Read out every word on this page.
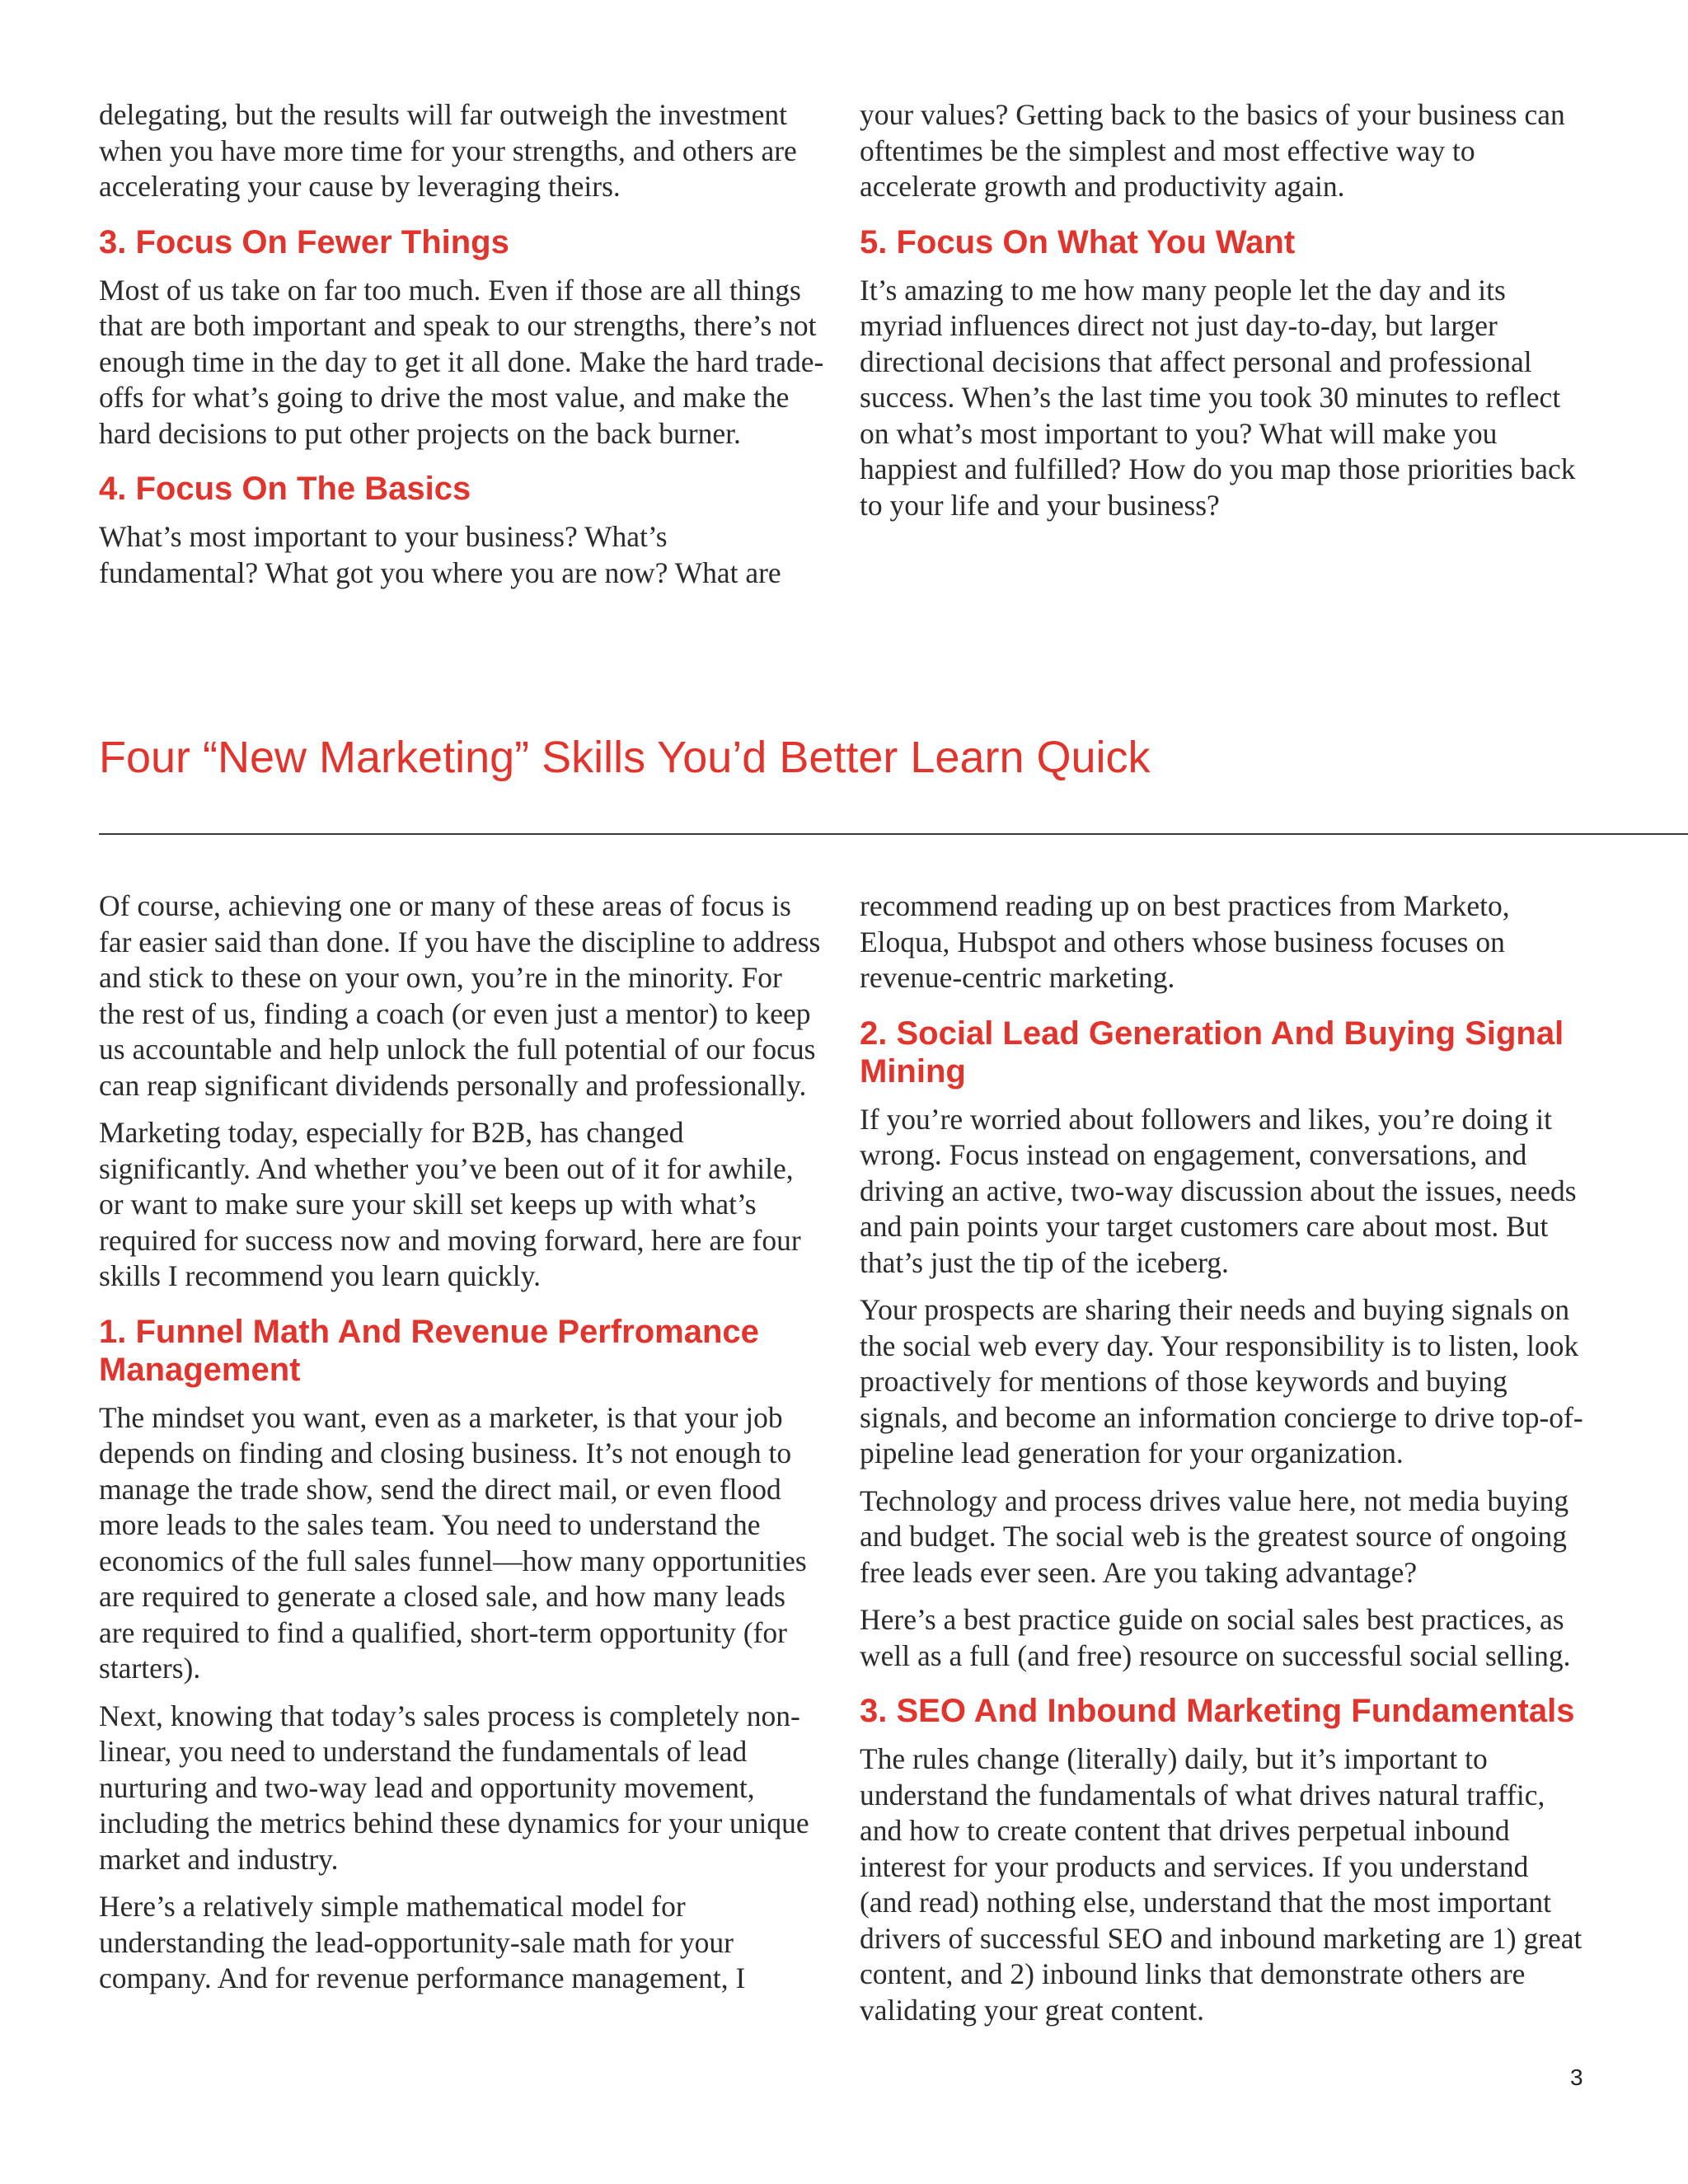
delegating, but the results will far outweigh the investment when you have more time for your strengths, and others are accelerating your cause by leveraging theirs.

3. Focus On Fewer Things

Most of us take on far too much. Even if those are all things that are both important and speak to our strengths, there’s not enough time in the day to get it all done. Make the hard trade-offs for what’s going to drive the most value, and make the hard decisions to put other projects on the back burner.

4. Focus On The Basics

What’s most important to your business? What’s fundamental? What got you where you are now? What are

your values? Getting back to the basics of your business can oftentimes be the simplest and most effective way to accelerate growth and productivity again.

5. Focus On What You Want

It’s amazing to me how many people let the day and its myriad influences direct not just day-to-day, but larger directional decisions that affect personal and professional success. When’s the last time you took 30 minutes to reflect on what’s most important to you? What will make you happiest and fulfilled? How do you map those priorities back to your life and your business?

Four “New Marketing” Skills You’d Better Learn Quick

Of course, achieving one or many of these areas of focus is far easier said than done. If you have the discipline to address and stick to these on your own, you’re in the minority. For the rest of us, finding a coach (or even just a mentor) to keep us accountable and help unlock the full potential of our focus can reap significant dividends personally and professionally.

Marketing today, especially for B2B, has changed significantly. And whether you’ve been out of it for awhile, or want to make sure your skill set keeps up with what’s required for success now and moving forward, here are four skills I recommend you learn quickly.

1. Funnel Math And Revenue Perfromance Management

The mindset you want, even as a marketer, is that your job depends on finding and closing business. It’s not enough to manage the trade show, send the direct mail, or even flood more leads to the sales team. You need to understand the economics of the full sales funnel—how many opportunities are required to generate a closed sale, and how many leads are required to find a qualified, short-term opportunity (for starters).

Next, knowing that today’s sales process is completely non-linear, you need to understand the fundamentals of lead nurturing and two-way lead and opportunity movement, including the metrics behind these dynamics for your unique market and industry.

Here’s a relatively simple mathematical model for understanding the lead-opportunity-sale math for your company. And for revenue performance management, I

recommend reading up on best practices from Marketo, Eloqua, Hubspot and others whose business focuses on revenue-centric marketing.

2. Social Lead Generation And Buying Signal Mining

If you’re worried about followers and likes, you’re doing it wrong. Focus instead on engagement, conversations, and driving an active, two-way discussion about the issues, needs and pain points your target customers care about most. But that’s just the tip of the iceberg.

Your prospects are sharing their needs and buying signals on the social web every day. Your responsibility is to listen, look proactively for mentions of those keywords and buying signals, and become an information concierge to drive top-of-pipeline lead generation for your organization.

Technology and process drives value here, not media buying and budget. The social web is the greatest source of ongoing free leads ever seen. Are you taking advantage?

Here’s a best practice guide on social sales best practices, as well as a full (and free) resource on successful social selling.

3. SEO And Inbound Marketing Fundamentals

The rules change (literally) daily, but it’s important to understand the fundamentals of what drives natural traffic, and how to create content that drives perpetual inbound interest for your products and services. If you understand (and read) nothing else, understand that the most important drivers of successful SEO and inbound marketing are 1) great content, and 2) inbound links that demonstrate others are validating your great content.

3
